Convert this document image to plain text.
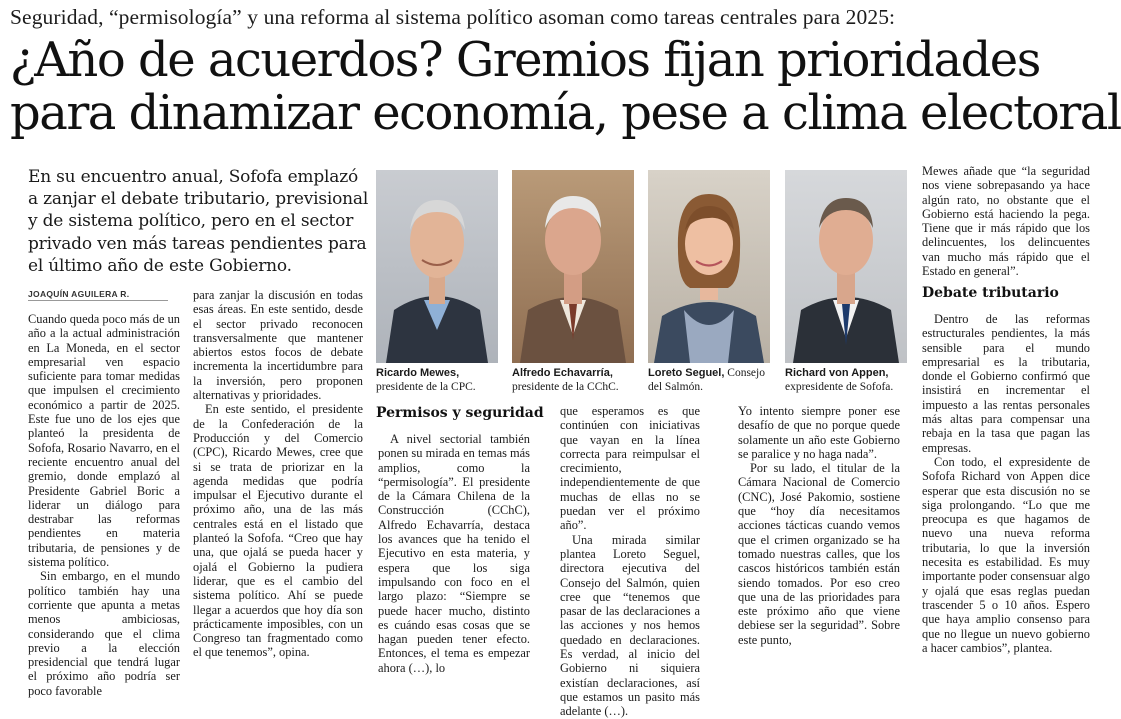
Seguridad, “permisología” y una reforma al sistema político asoman como tareas centrales para 2025:
¿Año de acuerdos? Gremios fijan prioridades
para dinamizar economía, pese a clima electoral
En su encuentro anual, Sofofa emplazó a zanjar el debate tributario, previsional y de sistema político, pero en el sector privado ven más tareas pendientes para el último año de este Gobierno.
JOAQUÍN AGUILERA R.

Cuando queda poco más de un año a la actual administración en La Moneda, en el sector empresarial ven espacio suficiente para tomar medidas que impulsen el crecimiento económico a partir de 2025. Este fue uno de los ejes que planteó la presidenta de Sofofa, Rosario Navarro, en el reciente encuentro anual del gremio, donde emplazó al Presidente Gabriel Boric a liderar un diálogo para destrabar las reformas pendientes en materia tributaria, de pensiones y de sistema político.

Sin embargo, en el mundo político también hay una corriente que apunta a metas menos ambiciosas, considerando que el clima previo a la elección presidencial que tendrá lugar el próximo año podría ser poco favorable

para zanjar la discusión en todas esas áreas. En este sentido, desde el sector privado reconocen transversalmente que mantener abiertos estos focos de debate incrementa la incertidumbre para la inversión, pero proponen alternativas y prioridades.

En este sentido, el presidente de la Confederación de la Producción y del Comercio (CPC), Ricardo Mewes, cree que si se trata de priorizar en la agenda medidas que podría impulsar el Ejecutivo durante el próximo año, una de las más centrales está en el listado que planteó la Sofofa. “Creo que hay una, que ojalá se pueda hacer y ojalá el Gobierno la pudiera liderar, que es el cambio del sistema político. Ahí se puede llegar a acuerdos que hoy día son prácticamente imposibles, con un Congreso tan fragmentado como el que tenemos”, opina.

Ricardo Mewes, presidente de la CPC.
Alfredo Echavarría, presidente de la CChC.
Loreto Seguel, Consejo del Salmón.
Richard von Appen, expresidente de Sofofa.
Permisos y seguridad

A nivel sectorial también ponen su mirada en temas más amplios, como la “permisología”. El presidente de la Cámara Chilena de la Construcción (CChC), Alfredo Echavarría, destaca los avances que ha tenido el Ejecutivo en esta materia, y espera que los siga impulsando con foco en el largo plazo: “Siempre se puede hacer mucho, distinto es cuándo esas cosas que se hagan pueden tener efecto. Entonces, el tema es empezar ahora (…), lo

que esperamos es que continúen con iniciativas que vayan en la línea correcta para reimpulsar el crecimiento, independientemente de que muchas de ellas no se puedan ver el próximo año”.

Una mirada similar plantea Loreto Seguel, directora ejecutiva del Consejo del Salmón, quien cree que “tenemos que pasar de las declaraciones a las acciones y nos hemos quedado en declaraciones. Es verdad, al inicio del Gobierno ni siquiera existían declaraciones, así que estamos un pasito más adelante (…).

Yo intento siempre poner ese desafío de que no porque quede solamente un año este Gobierno se paralice y no haga nada”.

Por su lado, el titular de la Cámara Nacional de Comercio (CNC), José Pakomio, sostiene que “hoy día necesitamos acciones tácticas cuando vemos que el crimen organizado se ha tomado nuestras calles, que los cascos históricos también están siendo tomados. Por eso creo que una de las prioridades para este próximo año que viene debiese ser la seguridad”. Sobre este punto,

Mewes añade que “la seguridad nos viene sobrepasando ya hace algún rato, no obstante que el Gobierno está haciendo la pega. Tiene que ir más rápido que los delincuentes, los delincuentes van mucho más rápido que el Estado en general”.

Debate tributario

Dentro de las reformas estructurales pendientes, la más sensible para el mundo empresarial es la tributaria, donde el Gobierno confirmó que insistirá en incrementar el impuesto a las rentas personales más altas para compensar una rebaja en la tasa que pagan las empresas.

Con todo, el expresidente de Sofofa Richard von Appen dice esperar que esta discusión no se siga prolongando. “Lo que me preocupa es que hagamos de nuevo una nueva reforma tributaria, lo que la inversión necesita es estabilidad. Es muy importante poder consensuar algo y ojalá que esas reglas puedan trascender 5 o 10 años. Espero que haya amplio consenso para que no llegue un nuevo gobierno a hacer cambios”, plantea.
